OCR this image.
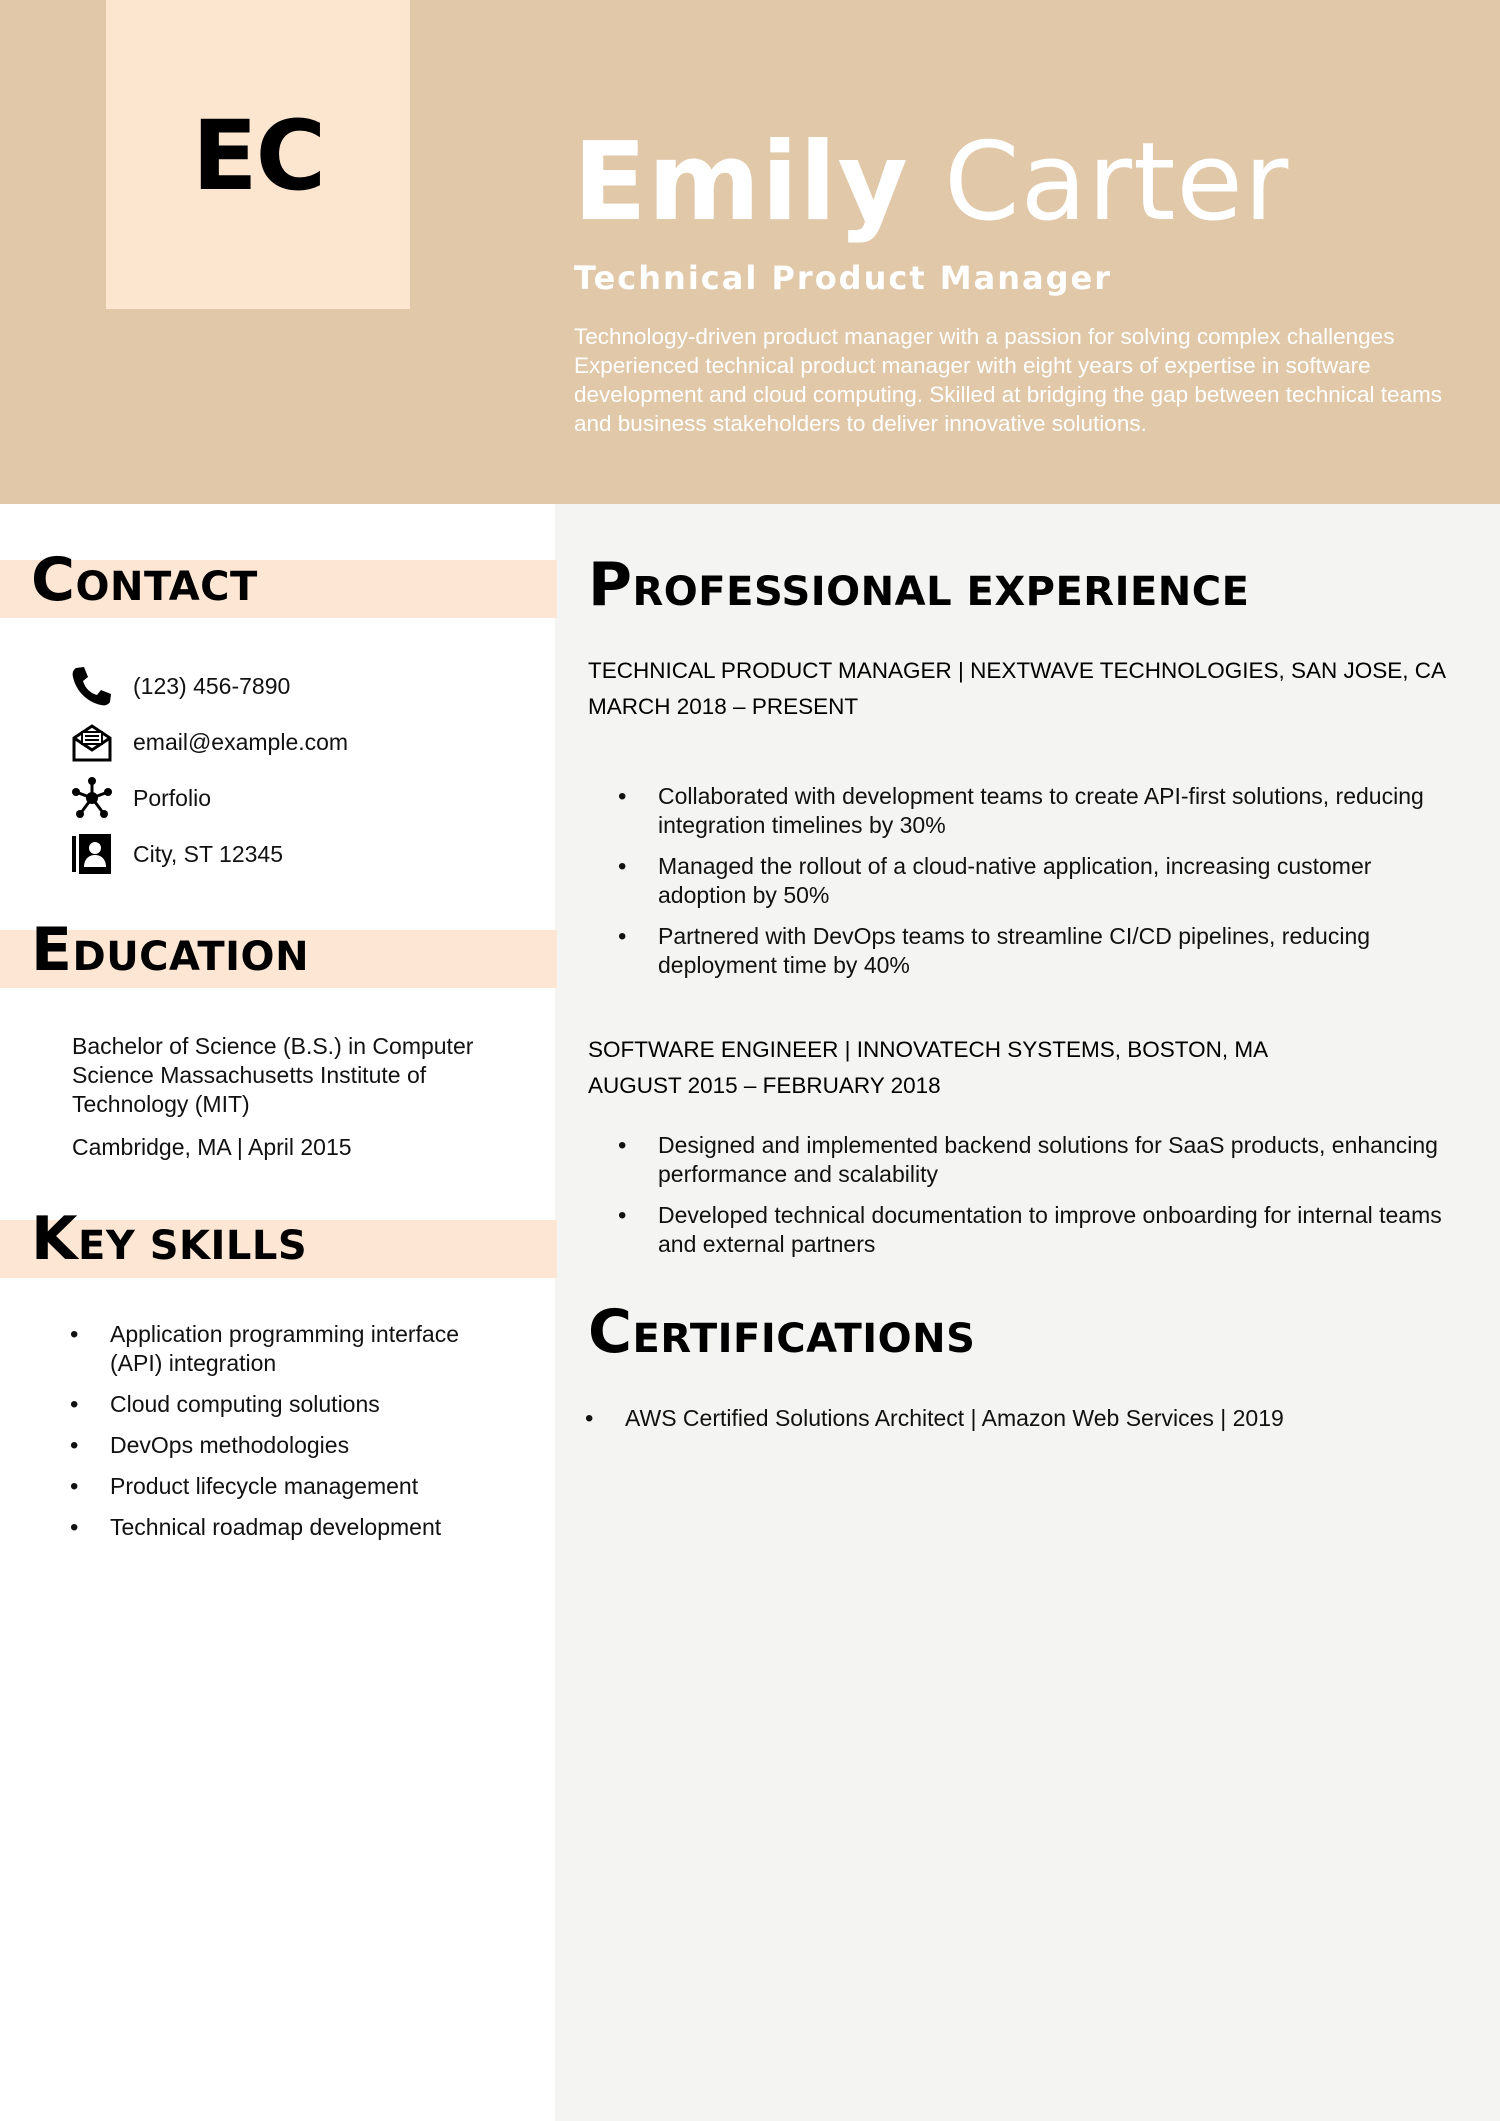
EC	Emily Carter
Technical Product Manager
Technology-driven product manager with a passion for solving complex challenges Experienced technical product manager with eight years of expertise in software development and cloud computing. Skilled at bridging the gap between technical teams and business stakeholders to deliver innovative solutions.
CONTACT
(123) 456-7890
email@example.com
Porfolio
City, ST 12345
EDUCATION
Bachelor of Science (B.S.) in Computer Science Massachusetts Institute of Technology (MIT)
Cambridge, MA | April 2015
KEY SKILLS
• Application programming interface (API) integration
• Cloud computing solutions
• DevOps methodologies
• Product lifecycle management
• Technical roadmap development
PROFESSIONAL EXPERIENCE
TECHNICAL PRODUCT MANAGER | NEXTWAVE TECHNOLOGIES, SAN JOSE, CA
MARCH 2018 – PRESENT
• Collaborated with development teams to create API-first solutions, reducing integration timelines by 30%
• Managed the rollout of a cloud-native application, increasing customer adoption by 50%
• Partnered with DevOps teams to streamline CI/CD pipelines, reducing deployment time by 40%
SOFTWARE ENGINEER | INNOVATECH SYSTEMS, BOSTON, MA
AUGUST 2015 – FEBRUARY 2018
• Designed and implemented backend solutions for SaaS products, enhancing performance and scalability
• Developed technical documentation to improve onboarding for internal teams and external partners
CERTIFICATIONS
• AWS Certified Solutions Architect | Amazon Web Services | 2019
